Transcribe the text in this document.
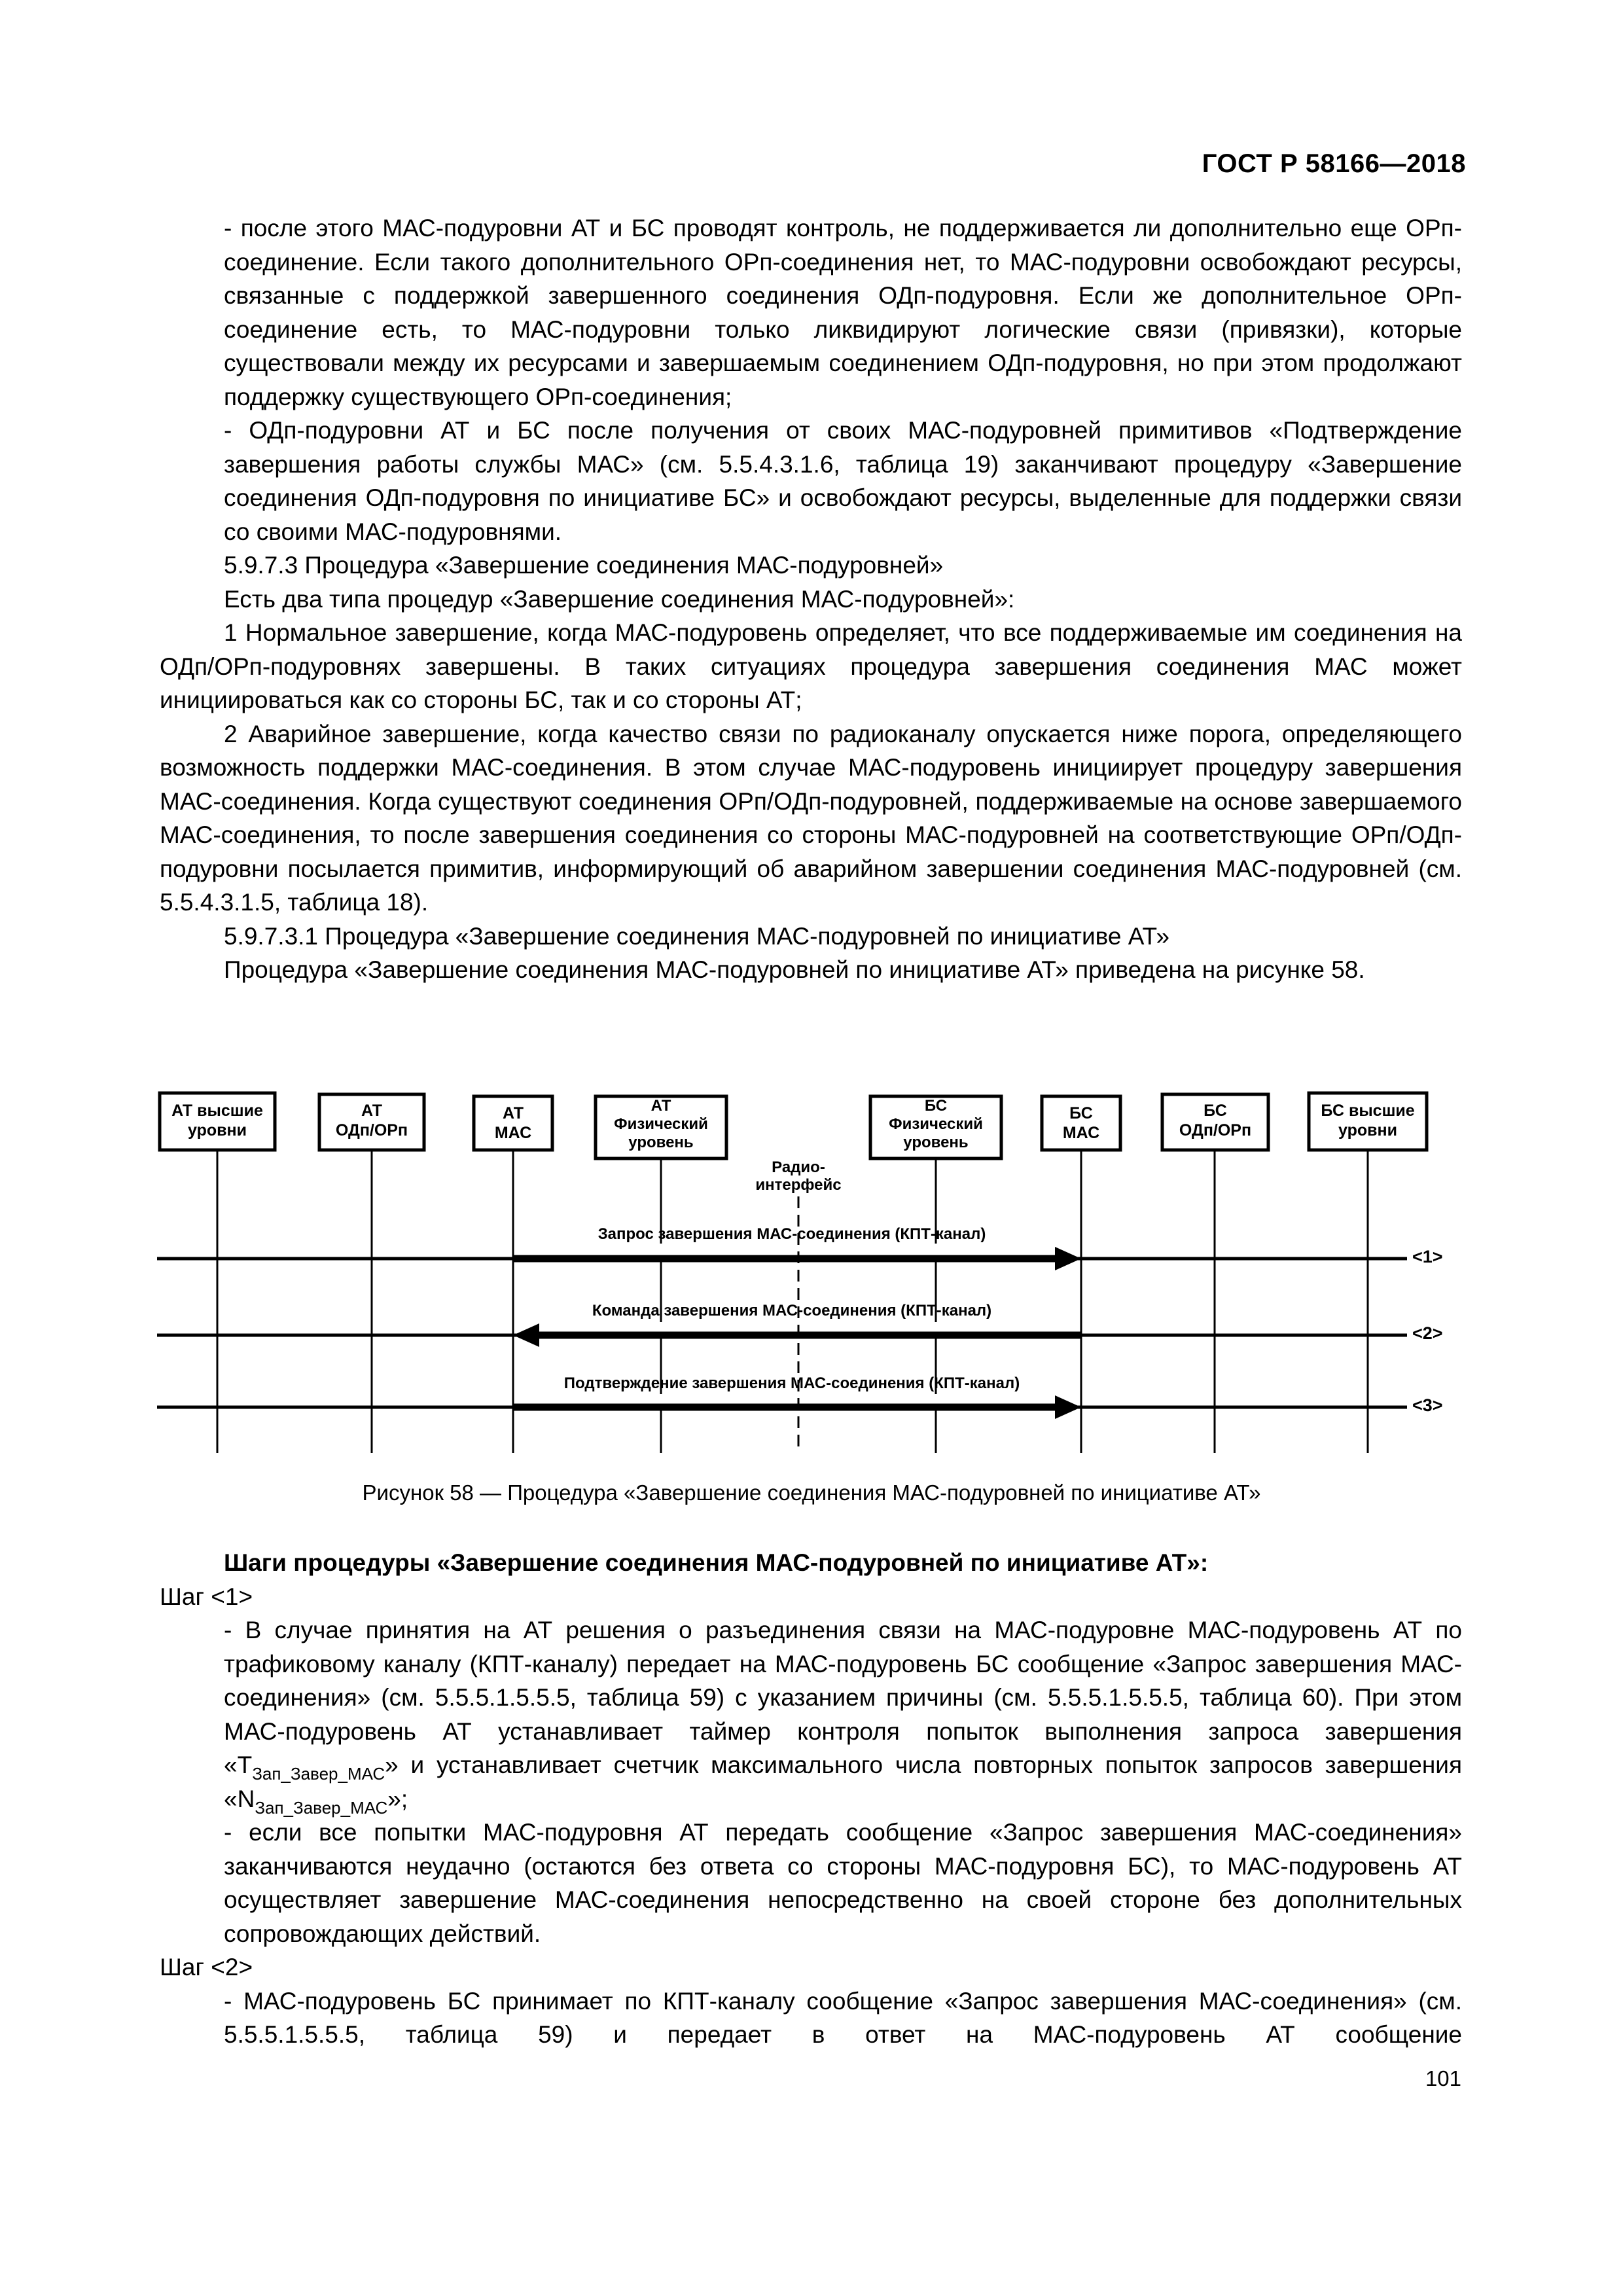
ГОСТ Р 58166—2018

- после этого МАС-подуровни АТ и БС проводят контроль, не поддерживается ли дополнительно еще ОРп-соединение. Если такого дополнительного ОРп-соединения нет, то МАС-подуровни освобождают ресурсы, связанные с поддержкой завершенного соединения ОДп-подуровня. Если же дополнительное ОРп-соединение есть, то МАС-подуровни только ликвидируют логические связи (привязки), которые существовали между их ресурсами и завершаемым соединением ОДп-подуровня, но при этом продолжают поддержку существующего ОРп-соединения;

- ОДп-подуровни АТ и БС после получения от своих МАС-подуровней примитивов «Подтверждение завершения работы службы МАС» (см. 5.5.4.3.1.6, таблица 19) заканчивают процедуру «Завершение соединения ОДп-подуровня по инициативе БС» и освобождают ресурсы, выделенные для поддержки связи со своими МАС-подуровнями.

5.9.7.3 Процедура «Завершение соединения МАС-подуровней»

Есть два типа процедур «Завершение соединения МАС-подуровней»:

1 Нормальное завершение, когда МАС-подуровень определяет, что все поддерживаемые им соединения на ОДп/ОРп-подуровнях завершены. В таких ситуациях процедура завершения соединения МАС может инициироваться как со стороны БС, так и со стороны АТ;

2 Аварийное завершение, когда качество связи по радиоканалу опускается ниже порога, определяющего возможность поддержки МАС-соединения. В этом случае МАС-подуровень инициирует процедуру завершения МАС-соединения. Когда существуют соединения ОРп/ОДп-подуровней, поддерживаемые на основе завершаемого МАС-соединения, то после завершения соединения со стороны МАС-подуровней на соответствующие ОРп/ОДп-подуровни посылается примитив, информирующий об аварийном завершении соединения МАС-подуровней (см. 5.5.4.3.1.5, таблица 18).

5.9.7.3.1 Процедура «Завершение соединения МАС-подуровней по инициативе АТ»

Процедура «Завершение соединения МАС-подуровней по инициативе АТ» приведена на рисунке 58.

АТ высшие
уровни
АТ
ОДп/ОРп
АТ
МАС
АТ
Физический
уровень
БС
Физический
уровень
БС
МАС
БС
ОДп/ОРп
БС высшие
уровни
Радио-
интерфейс
Запрос завершения МАС-соединения (КПТ-канал)
Команда завершения МАС-соединения (КПТ-канал)
Подтверждение завершения МАС-соединения (КПТ-канал)
<1>
<2>
<3>
Рисунок 58 — Процедура «Завершение соединения МАС-подуровней по инициативе АТ»

Шаги процедуры «Завершение соединения МАС-подуровней по инициативе АТ»:

Шаг <1>

- В случае принятия на АТ решения о разъединения связи на МАС-подуровне МАС-подуровень АТ по трафиковому каналу (КПТ-каналу) передает на МАС-подуровень БС сообщение «Запрос завершения МАС-соединения» (см. 5.5.5.1.5.5.5, таблица 59) с указанием причины (см. 5.5.5.1.5.5.5, таблица 60). При этом МАС-подуровень АТ устанавливает таймер контроля попыток выполнения запроса завершения «$T_{Зап\_Завер\_МАС}$» и устанавливает счетчик максимального числа повторных попыток запросов завершения «$N_{Зап\_Завер\_МАС}$»;

- если все попытки МАС-подуровня АТ передать сообщение «Запрос завершения МАС-соединения» заканчиваются неудачно (остаются без ответа со стороны МАС-подуровня БС), то МАС-подуровень АТ осуществляет завершение МАС-соединения непосредственно на своей стороне без дополнительных сопровождающих действий.

Шаг <2>

- МАС-подуровень БС принимает по КПТ-каналу сообщение «Запрос завершения МАС-соединения» (см. 5.5.5.1.5.5.5, таблица 59) и передает в ответ на МАС-подуровень АТ сообщение

101
